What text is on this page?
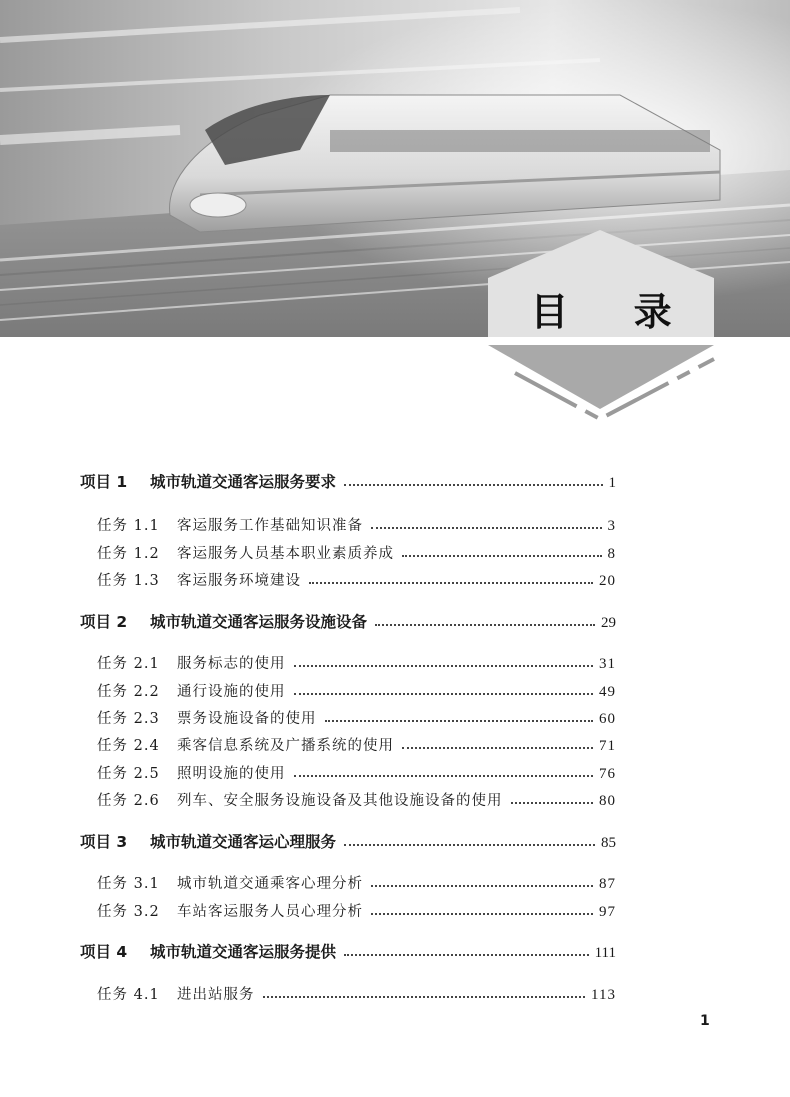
目 录
项目 1	城市轨道交通客运服务要求	1
任务 1.1	客运服务工作基础知识准备	3
任务 1.2	客运服务人员基本职业素质养成	8
任务 1.3	客运服务环境建设	20
项目 2	城市轨道交通客运服务设施设备	29
任务 2.1	服务标志的使用	31
任务 2.2	通行设施的使用	49
任务 2.3	票务设施设备的使用	60
任务 2.4	乘客信息系统及广播系统的使用	71
任务 2.5	照明设施的使用	76
任务 2.6	列车、安全服务设施设备及其他设施设备的使用	80
项目 3	城市轨道交通客运心理服务	85
任务 3.1	城市轨道交通乘客心理分析	87
任务 3.2	车站客运服务人员心理分析	97
项目 4	城市轨道交通客运服务提供	111
任务 4.1	进出站服务	113
1
